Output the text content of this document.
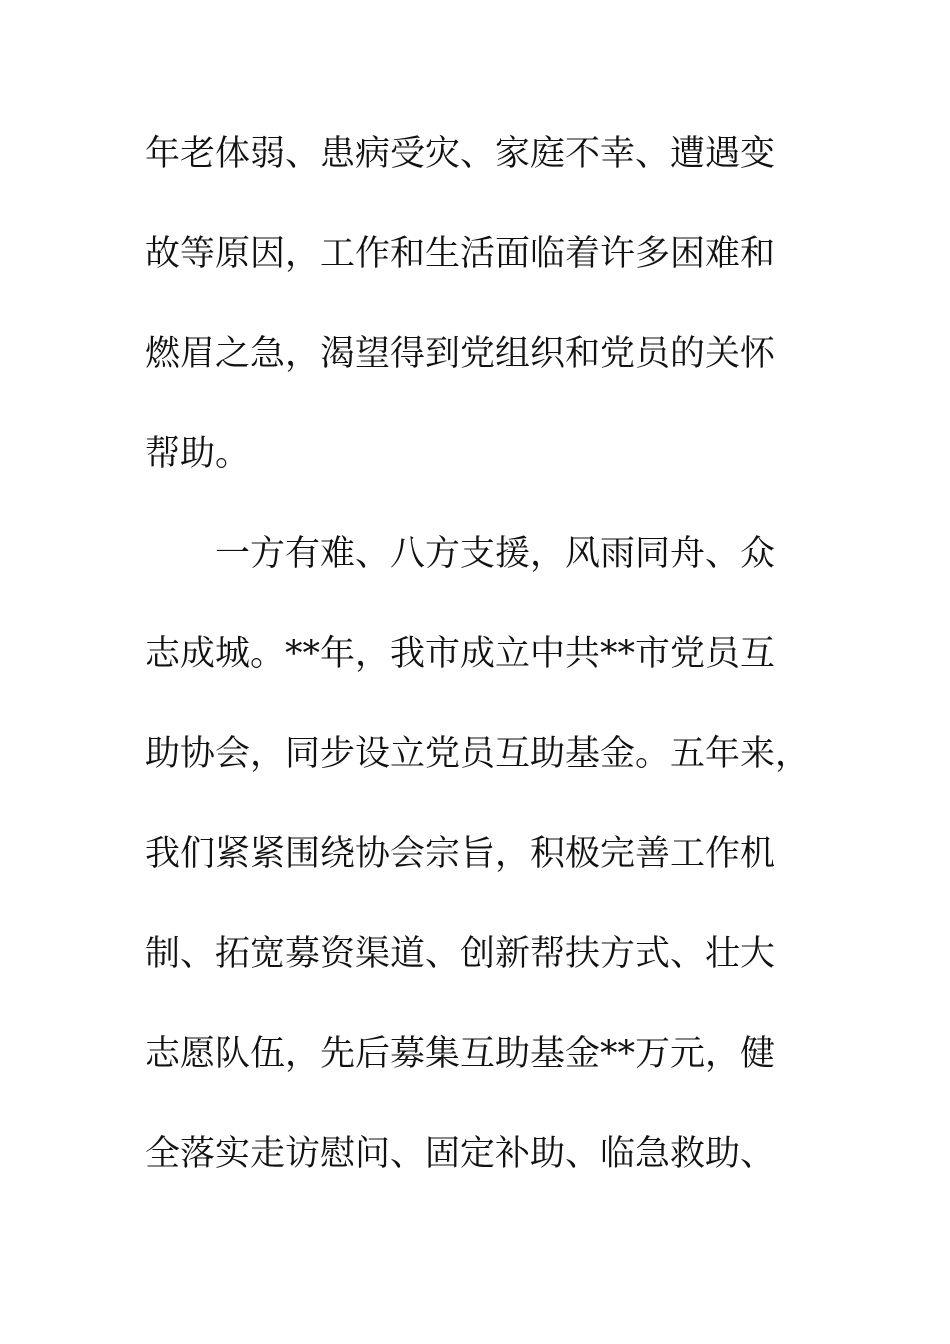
年老体弱、患病受灾、家庭不幸、遭遇变
故等原因，工作和生活面临着许多困难和
燃眉之急，渴望得到党组织和党员的关怀
帮助。
一方有难、八方支援，风雨同舟、众
志成城。**年，我市成立中共**市党员互
助协会，同步设立党员互助基金。五年来，
我们紧紧围绕协会宗旨，积极完善工作机
制、拓宽募资渠道、创新帮扶方式、壮大
志愿队伍，先后募集互助基金**万元，健
全落实走访慰问、固定补助、临急救助、
